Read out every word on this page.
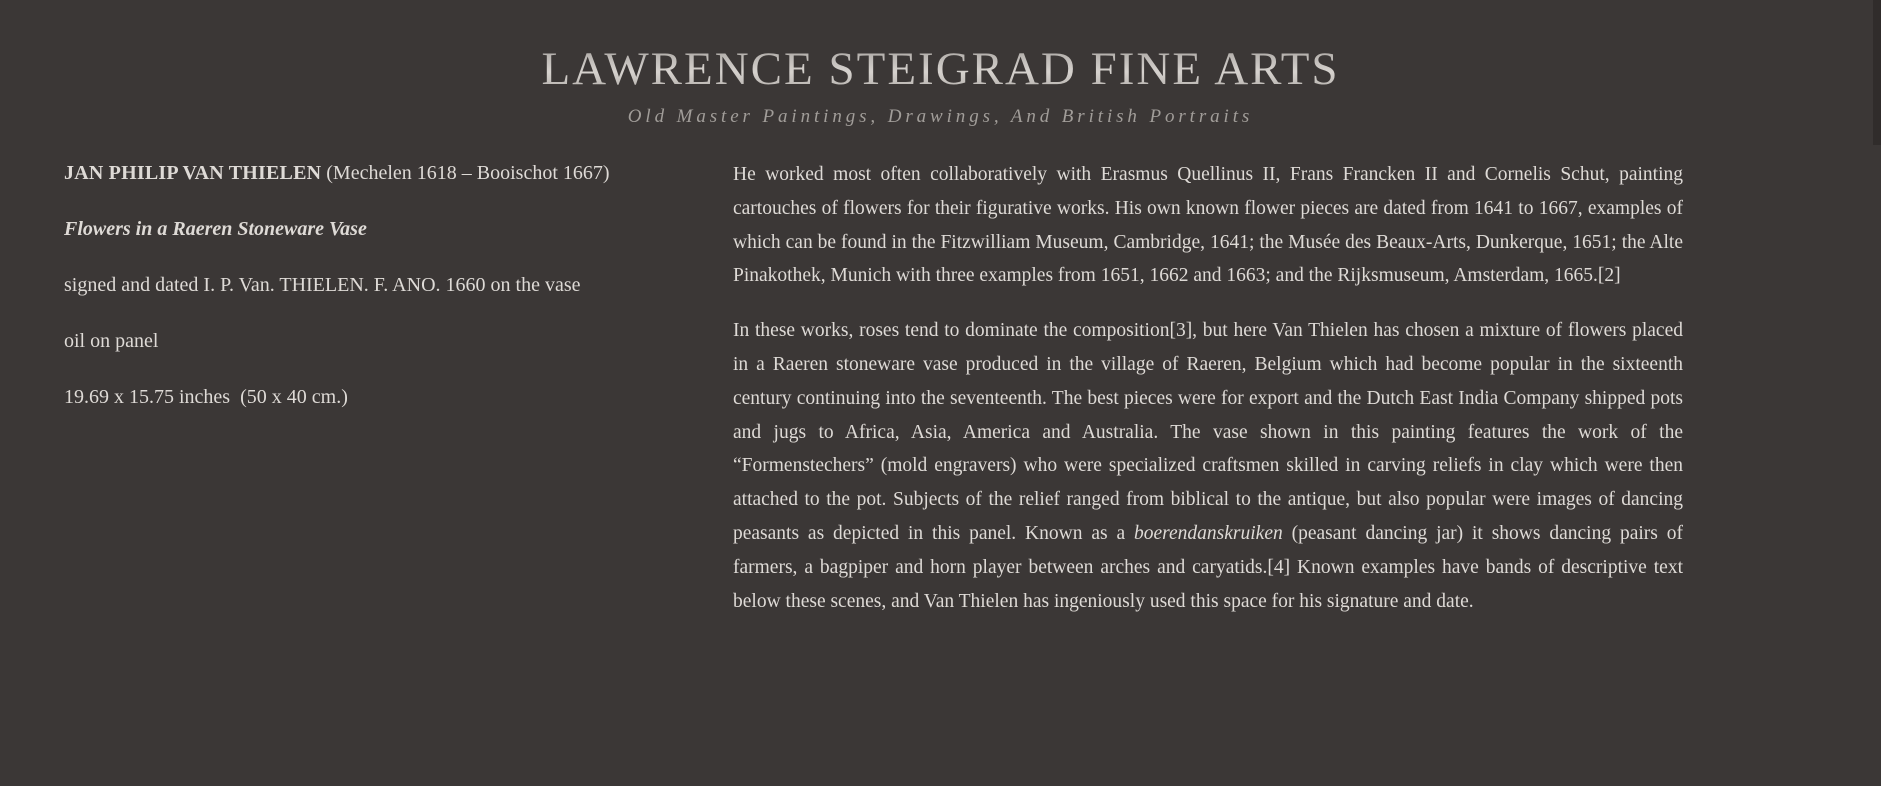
LAWRENCE STEIGRAD FINE ARTS
Old Master Paintings, Drawings, And British Portraits

JAN PHILIP VAN THIELEN (Mechelen 1618 – Booischot 1667)

Flowers in a Raeren Stoneware Vase

signed and dated I. P. Van. THIELEN. F. ANO. 1660 on the vase

oil on panel

19.69 x 15.75 inches  (50 x 40 cm.)

He worked most often collaboratively with Erasmus Quellinus II, Frans Francken II and Cornelis Schut, painting cartouches of flowers for their figurative works. His own known flower pieces are dated from 1641 to 1667, examples of which can be found in the Fitzwilliam Museum, Cambridge, 1641; the Musée des Beaux-Arts, Dunkerque, 1651; the Alte Pinakothek, Munich with three examples from 1651, 1662 and 1663; and the Rijksmuseum, Amsterdam, 1665.[2]

In these works, roses tend to dominate the composition[3], but here Van Thielen has chosen a mixture of flowers placed in a Raeren stoneware vase produced in the village of Raeren, Belgium which had become popular in the sixteenth century continuing into the seventeenth. The best pieces were for export and the Dutch East India Company shipped pots and jugs to Africa, Asia, America and Australia. The vase shown in this painting features the work of the “Formenstechers” (mold engravers) who were specialized craftsmen skilled in carving reliefs in clay which were then attached to the pot. Subjects of the relief ranged from biblical to the antique, but also popular were images of dancing peasants as depicted in this panel. Known as a boerendanskruiken (peasant dancing jar) it shows dancing pairs of farmers, a bagpiper and horn player between arches and caryatids.[4] Known examples have bands of descriptive text below these scenes, and Van Thielen has ingeniously used this space for his signature and date.
